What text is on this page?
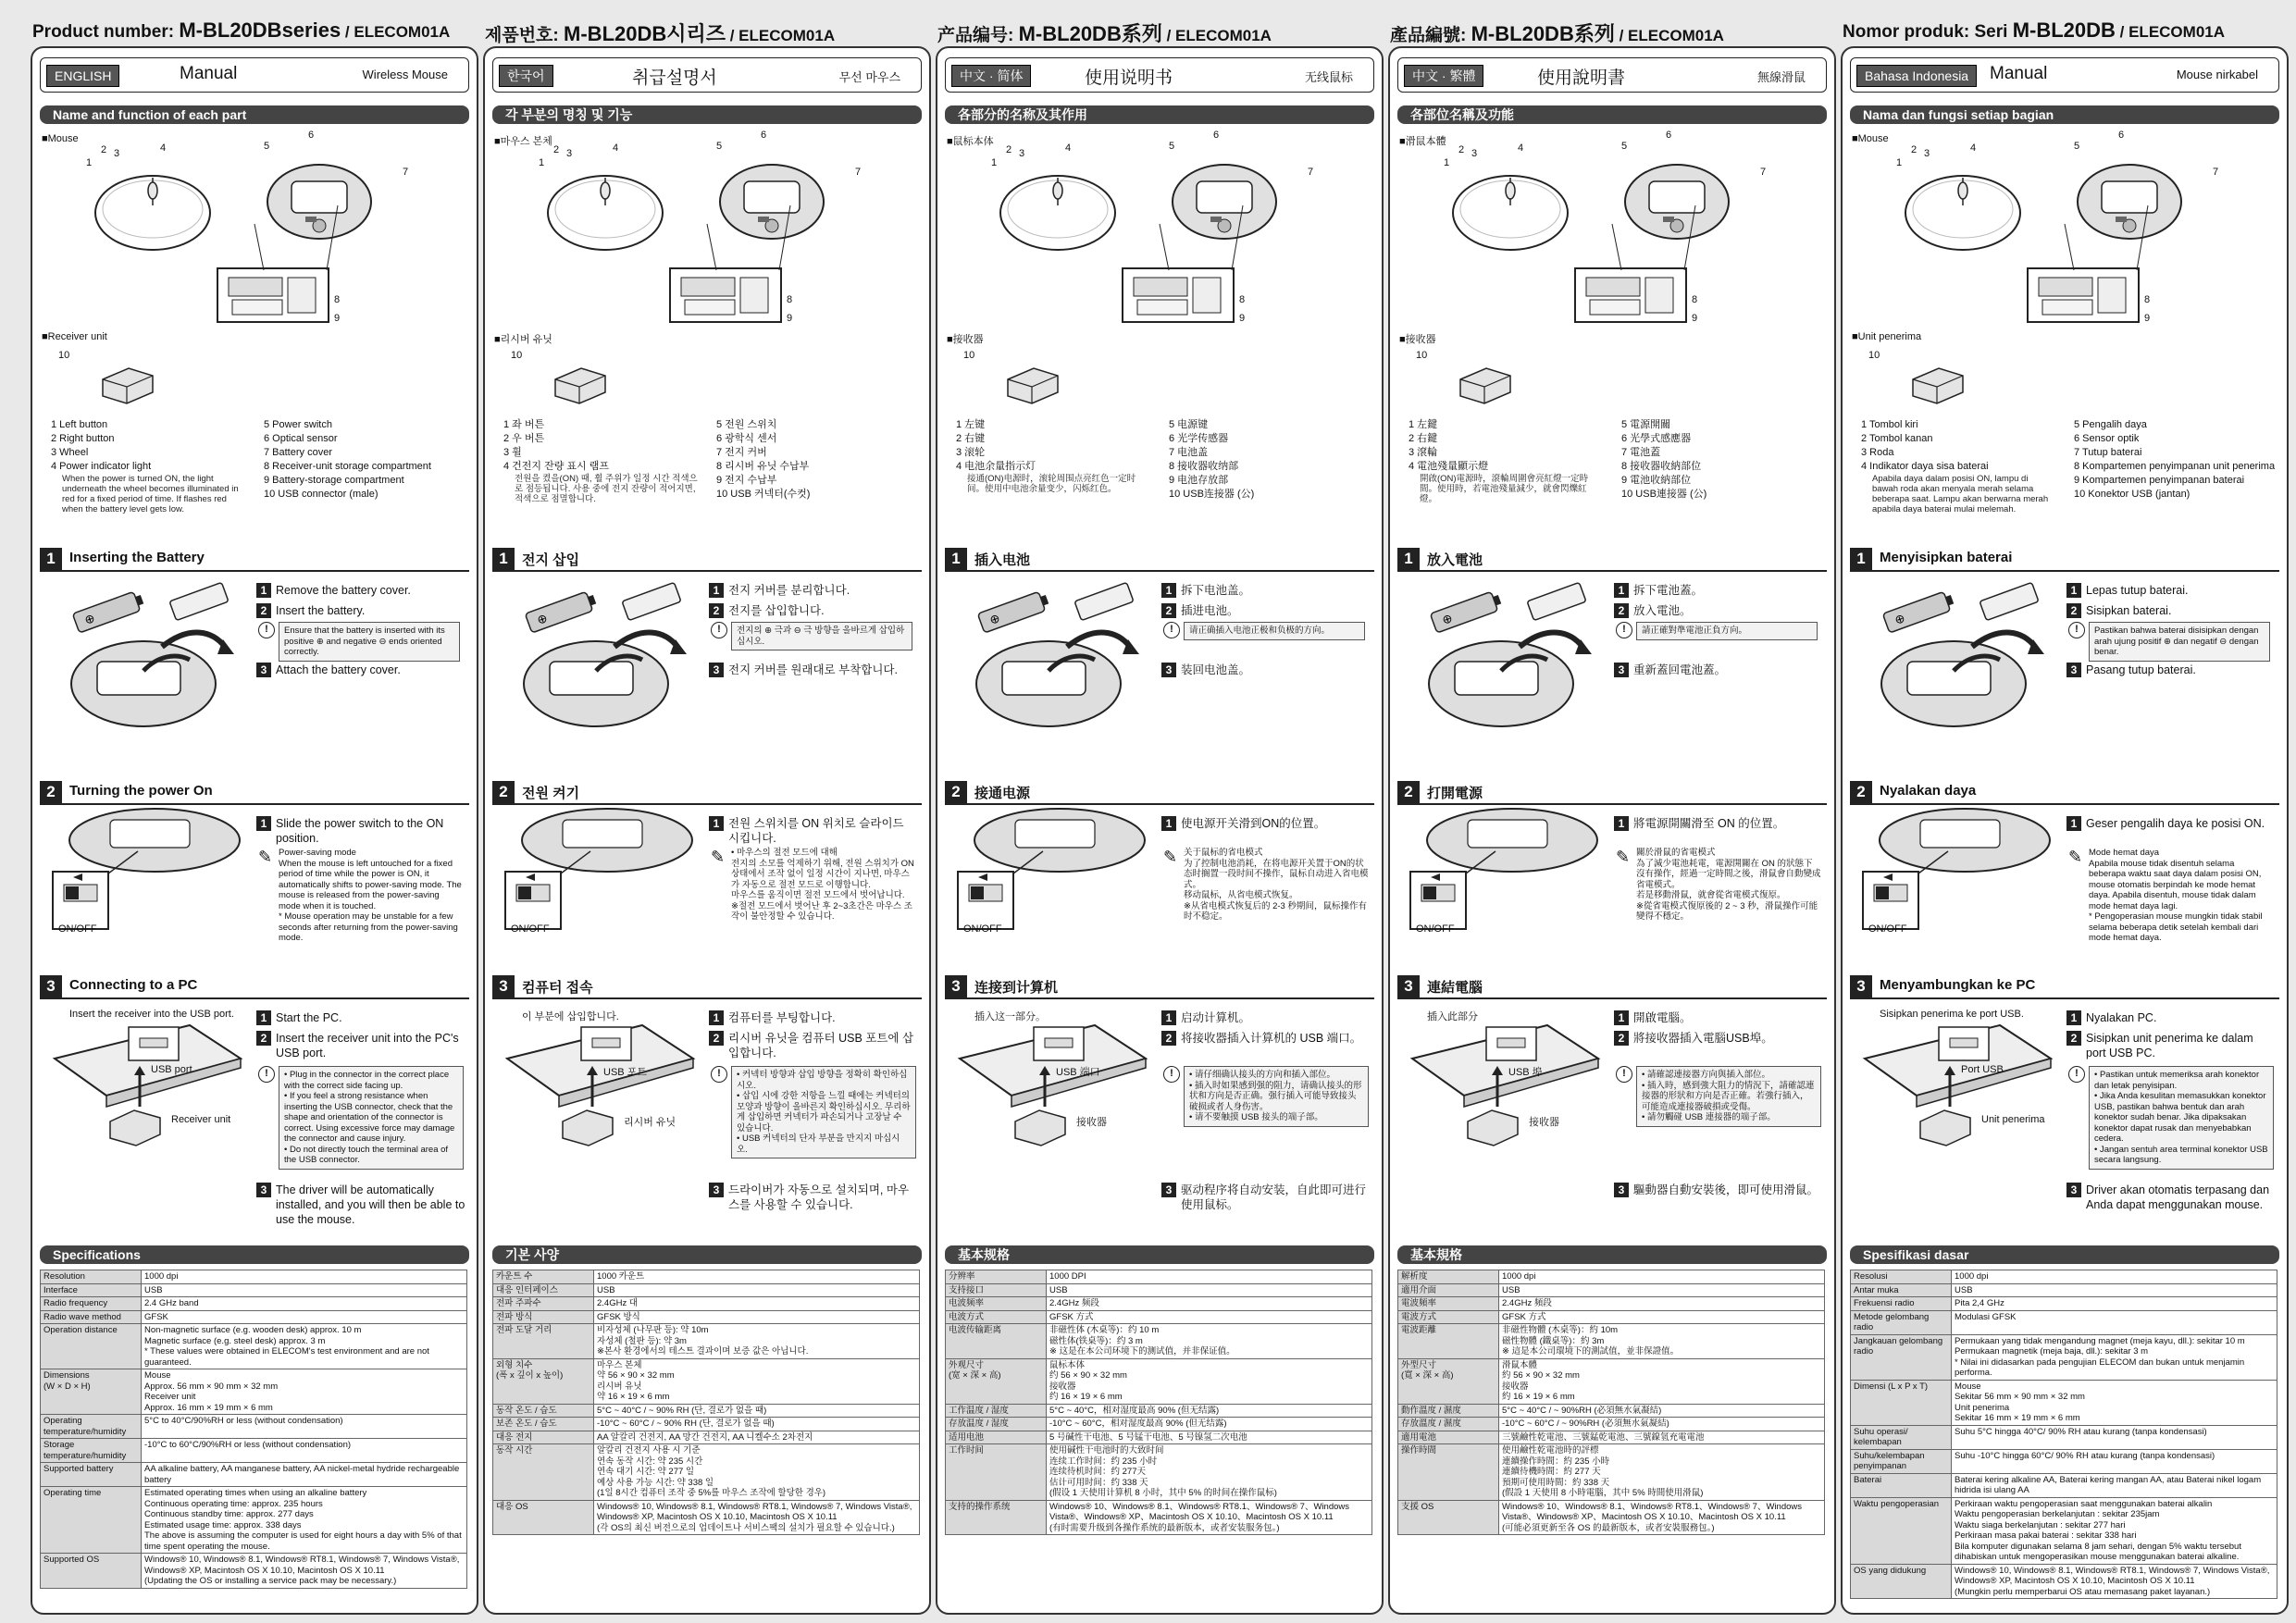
Product number: M-BL20DBseries / ELECOM01A
ENGLISH	Manual	Wireless Mouse
Name and function of each part
■Mouse
1
2 3	4	5
6
7
8
9
10
■Receiver unit
1 Left button
2 Right button
3 Wheel
4 Power indicator light
When the power is turned ON, the light underneath the wheel becomes illuminated in red for a fixed period of time. If flashes red when the battery level gets low.
5 Power switch
6 Optical sensor
7 Battery cover
8 Receiver-unit storage compartment
9 Battery-storage compartment
10 USB connector (male)
1	Inserting the Battery
⊕
1 Remove the battery cover.
2 Insert the battery.
!	Ensure that the battery is inserted with its positive ⊕ and negative ⊖ ends oriented correctly.
3 Attach the battery cover.
2	Turning the power On
ON/OFF
1 Slide the power switch to the ON position.
✎ Power-saving mode
When the mouse is left untouched for a fixed period of time while the power is ON, it automatically shifts to power-saving mode. The mouse is released from the power-saving mode when it is touched.
* Mouse operation may be unstable for a few seconds after returning from the power-saving mode.
3	Connecting to a PC
Insert the receiver into the USB port.
USB port
Receiver unit
1 Start the PC.
2 Insert the receiver unit into the PC's USB port.
!	• Plug in the connector in the correct place with the correct side facing up.
• If you feel a strong resistance when inserting the USB connector, check that the shape and orientation of the connector is correct. Using excessive force may damage the connector and cause injury.
• Do not directly touch the terminal area of the USB connector.
3 The driver will be automatically installed, and you will then be able to use the mouse.
Specifications
Resolution	1000 dpi
Interface	USB
Radio frequency	2.4 GHz band
Radio wave method	GFSK
Operation distance	Non-magnetic surface (e.g. wooden desk) approx. 10 m
Magnetic surface (e.g. steel desk) approx. 3 m
* These values were obtained in ELECOM's test environment and are not guaranteed.
Dimensions
(W × D × H)	Mouse
Approx. 56 mm × 90 mm × 32 mm
Receiver unit
Approx. 16 mm × 19 mm × 6 mm
Operating temperature/humidity	5°C to 40°C/90%RH or less (without condensation)
Storage temperature/humidity	-10°C to 60°C/90%RH or less (without condensation)
Supported battery	AA alkaline battery, AA manganese battery, AA nickel-metal hydride rechargeable battery
Operating time	Estimated operating times when using an alkaline battery
Continuous operating time: approx. 235 hours
Continuous standby time: approx. 277 days
Estimated usage time: approx. 338 days
The above is assuming the computer is used for eight hours a day with 5% of that time spent operating the mouse.
Supported OS	Windows® 10, Windows® 8.1, Windows® RT8.1, Windows® 7, Windows Vista®, Windows® XP, Macintosh OS X 10.10, Macintosh OS X 10.11
(Updating the OS or installing a service pack may be necessary.)
제품번호: M-BL20DB시리즈 / ELECOM01A
한국어	취급설명서	무선 마우스
각 부분의 명칭 및 기능
■마우스 본체
1
2 3	4	5
6
7
8
9
10
■리시버 유닛
1 좌 버튼
2 우 버튼
3 휠
4 건전지 잔량 표시 램프
전원을 켰을(ON) 때, 휠 주위가 일정 시간 적색으로 점등됩니다. 사용 중에 전지 잔량이 적어지면, 적색으로 점멸합니다.
5 전원 스위치
6 광학식 센서
7 전지 커버
8 리시버 유닛 수납부
9 전지 수납부
10 USB 커넥터(수컷)
1	전지 삽입
⊕
1 전지 커버를 분리합니다.
2 전지를 삽입합니다.
!	전지의 ⊕ 극과 ⊖ 극 방향을 올바르게 삽입하십시오.
3 전지 커버를 원래대로 부착합니다.
2	전원 켜기
ON/OFF
1 전원 스위치를 ON 위치로 슬라이드시킵니다.
✎ • 마우스의 절전 모드에 대해
전지의 소모를 억제하기 위해, 전원 스위치가 ON 상태에서 조작 없이 일정 시간이 지나면, 마우스가 자동으로 절전 모드로 이행합니다.
마우스를 움직이면 절전 모드에서 벗어납니다.
※절전 모드에서 벗어난 후 2~3초간은 마우스 조작이 불안정할 수 있습니다.
3	컴퓨터 접속
이 부분에 삽입합니다.
USB 포트
리시버 유닛
1 컴퓨터를 부팅합니다.
2 리시버 유닛을 컴퓨터 USB 포트에 삽입합니다.
!	• 커넥터 방향과 삽입 방향을 정확히 확인하십시오.
• 삽입 시에 강한 저항을 느낄 때에는 커넥터의 모양과 방향이 올바른지 확인하십시오. 무리하게 삽입하면 커넥터가 파손되거나 고장날 수 있습니다.
• USB 커넥터의 단자 부분을 만지지 마십시오.
3 드라이버가 자동으로 설치되며, 마우스를 사용할 수 있습니다.
기본 사양
카운트 수	1000 카운트
대응 인터페이스	USB
전파 주파수	2.4GHz 대
전파 방식	GFSK 방식
전파 도달 거리	비자성체 (나무판 등): 약 10m
자성체 (철판 등): 약 3m
※본사 환경에서의 테스트 결과이며 보증 값은 아닙니다.
외형 치수
(폭 x 깊이 x 높이)	마우스 본체
약 56 × 90 × 32 mm
리시버 유닛
약 16 × 19 × 6 mm
동작 온도 / 습도	5°C ~ 40°C / ~ 90% RH (단, 결로가 없을 때)
보존 온도 / 습도	-10°C ~ 60°C / ~ 90% RH (단, 결로가 없을 때)
대응 전지	AA 알칼리 건전지, AA 망간 건전지, AA 니켈수소 2차전지
동작 시간	알칼리 건전지 사용 시 기준
연속 동작 시간: 약 235 시간
연속 대기 시간: 약 277 일
예상 사용 가능 시간: 약 338 일
(1일 8시간 컴퓨터 조작 중 5%를 마우스 조작에 할당한 경우)
대응 OS	Windows® 10, Windows® 8.1, Windows® RT8.1, Windows® 7, Windows Vista®, Windows® XP, Macintosh OS X 10.10, Macintosh OS X 10.11
(각 OS의 최신 버전으로의 업데이트나 서비스팩의 설치가 필요할 수 있습니다.)
产品编号: M-BL20DB系列 / ELECOM01A
中文 · 简体	使用说明书	无线鼠标
各部分的名称及其作用
■鼠标本体
1
2 3	4	5
6
7
8
9
10
■接收器
1 左键
2 右键
3 滚轮
4 电池余量指示灯
接通(ON)电源时，滚轮周围点亮红色一定时间。使用中电池余量变少，闪烁红色。
5 电源键
6 光学传感器
7 电池盖
8 接收器收纳部
9 电池存放部
10 USB连接器 (公)
1	插入电池
⊕
1 拆下电池盖。
2 插进电池。
!	请正确插入电池正极和负极的方向。
3 装回电池盖。
2	接通电源
ON/OFF
1 使电源开关滑到ON的位置。
✎ 关于鼠标的省电模式
为了控制电池消耗，在将电源开关置于ON的状态时搁置一段时间不操作，鼠标自动进入省电模式。
移动鼠标，从省电模式恢复。
※从省电模式恢复后的 2-3 秒期间，鼠标操作有时不稳定。
3	连接到计算机
插入这一部分。
USB 端口
接收器
1 启动计算机。
2 将接收器插入计算机的 USB 端口。
!	• 请仔细确认接头的方向和插入部位。
• 插入时如果感到强的阻力，请确认接头的形状和方向是否正确。强行插入可能导致接头破损或者人身伤害。
• 请不要触摸 USB 接头的端子部。
3 驱动程序将自动安装，自此即可进行使用鼠标。
基本规格
分辨率	1000 DPI
支持接口	USB
电波频率	2.4GHz 频段
电波方式	GFSK 方式
电波传输距离	非磁性体 (木桌等)：约 10 m
磁性体(铁桌等)：约 3 m
※ 这是在本公司环境下的测试值，并非保证值。
外观尺寸
(宽 × 深 × 高)	鼠标本体
约 56 × 90 × 32 mm
接收器
约 16 × 19 × 6 mm
工作温度 / 湿度	5°C ~ 40°C，相对湿度最高 90% (但无结露)
存放温度 / 湿度	-10°C ~ 60°C，相对湿度最高 90% (但无结露)
适用电池	5 号碱性干电池、5 号锰干电池、5 号镍氢二次电池
工作时间	使用碱性干电池时的大致时间
连续工作时间：约 235 小时
连续待机时间：约 277天
估计可用时间：约 338 天
(假设 1 天使用计算机 8 小时，其中 5% 的时间在操作鼠标)
支持的操作系统	Windows® 10、Windows® 8.1、Windows® RT8.1、Windows® 7、Windows Vista®、Windows® XP、Macintosh OS X 10.10、Macintosh OS X 10.11
(有时需要升级到各操作系统的最新版本，或者安装服务包。)
產品編號: M-BL20DB系列 / ELECOM01A
中文 · 繁體	使用說明書	無線滑鼠
各部位名稱及功能
■滑鼠本體
1
2 3	4	5
6
7
8
9
10
■接收器
1 左鍵
2 右鍵
3 滾輪
4 電池殘量顯示燈
開啟(ON)電源時，滾輪周圍會亮紅燈一定時間。使用時，若電池殘量減少，就會閃爍紅燈。
5 電源開關
6 光學式感應器
7 電池蓋
8 接收器收納部位
9 電池收納部位
10 USB連接器 (公)
1	放入電池
⊕
1 拆下電池蓋。
2 放入電池。
!	請正確對準電池正負方向。
3 重新蓋回電池蓋。
2	打開電源
ON/OFF
1 將電源開關滑至 ON 的位置。
✎ 關於滑鼠的省電模式
為了減少電池耗電，電源開關在 ON 的狀態下沒有操作，經過一定時間之後，滑鼠會自動變成省電模式。
若是移動滑鼠，就會從省電模式復原。
※從省電模式復原後的 2 ~ 3 秒，滑鼠操作可能變得不穩定。
3	連結電腦
插入此部分
USB 埠
接收器
1 開啟電腦。
2 將接收器插入電腦USB埠。
!	• 請確認連接器方向與插入部位。
• 插入時，感到強大阻力的情況下，請確認連接器的形狀和方向是否正確。若強行插入，可能造成連接器破損或受傷。
• 請勿觸碰 USB 連接器的端子部。
3 驅動器自動安裝後，即可使用滑鼠。
基本規格
解析度	1000 dpi
適用介面	USB
電波頻率	2.4GHz 頻段
電波方式	GFSK 方式
電波距離	非磁性物體 (木桌等)：約 10m
磁性物體 (鐵桌等)：約 3m
※ 這是本公司環境下的測試值，並非保證值。
外型尺寸
(寬 × 深 × 高)	滑鼠本體
約 56 × 90 × 32 mm
接收器
約 16 × 19 × 6 mm
動作溫度 / 濕度	5°C ~ 40°C / ~ 90%RH (必須無水氣凝結)
存放溫度 / 濕度	-10°C ~ 60°C / ~ 90%RH (必須無水氣凝結)
適用電池	三號鹼性乾電池、三號錳乾電池、三號鎳氫充電電池
操作時間	使用鹼性乾電池時的評標
連續操作時間：約 235 小時
連續待機時間：約 277 天
預期可使用時間：約 338 天
(假設 1 天使用 8 小時電腦，其中 5% 時間使用滑鼠)
支援 OS	Windows® 10、Windows® 8.1、Windows® RT8.1、Windows® 7、Windows Vista®、Windows® XP、Macintosh OS X 10.10、Macintosh OS X 10.11
(可能必須更新至各 OS 的最新版本，或者安裝服務包。)
Nomor produk: Seri M-BL20DB / ELECOM01A
Bahasa Indonesia	Manual	Mouse nirkabel
Nama dan fungsi setiap bagian
■Mouse
1
2 3	4	5
6
7
8
9
10
■Unit penerima
1 Tombol kiri
2 Tombol kanan
3 Roda
4 Indikator daya sisa baterai
Apabila daya dalam posisi ON, lampu di bawah roda akan menyala merah selama beberapa saat. Lampu akan berwarna merah apabila daya baterai mulai melemah.
5 Pengalih daya
6 Sensor optik
7 Tutup baterai
8 Kompartemen penyimpanan unit penerima
9 Kompartemen penyimpanan baterai
10 Konektor USB (jantan)
1	Menyisipkan baterai
⊕
1 Lepas tutup baterai.
2 Sisipkan baterai.
!	Pastikan bahwa baterai disisipkan dengan arah ujung positif ⊕ dan negatif ⊖ dengan benar.
3 Pasang tutup baterai.
2	Nyalakan daya
ON/OFF
1 Geser pengalih daya ke posisi ON.
✎ Mode hemat daya
Apabila mouse tidak disentuh selama beberapa waktu saat daya dalam posisi ON, mouse otomatis berpindah ke mode hemat daya. Apabila disentuh, mouse tidak dalam mode hemat daya lagi.
* Pengoperasian mouse mungkin tidak stabil selama beberapa detik setelah kembali dari mode hemat daya.
3	Menyambungkan ke PC
Sisipkan penerima ke port USB.
Port USB
Unit penerima
1 Nyalakan PC.
2 Sisipkan unit penerima ke dalam port USB PC.
!	• Pastikan untuk memeriksa arah konektor dan letak penyisipan.
• Jika Anda kesulitan memasukkan konektor USB, pastikan bahwa bentuk dan arah konektor sudah benar. Jika dipaksakan konektor dapat rusak dan menyebabkan cedera.
• Jangan sentuh area terminal konektor USB secara langsung.
3 Driver akan otomatis terpasang dan Anda dapat menggunakan mouse.
Spesifikasi dasar
Resolusi	1000 dpi
Antar muka	USB
Frekuensi radio	Pita 2,4 GHz
Metode gelombang radio	Modulasi GFSK
Jangkauan gelombang radio	Permukaan yang tidak mengandung magnet (meja kayu, dll.): sekitar 10 m
Permukaan magnetik (meja baja, dll.): sekitar 3 m
* Nilai ini didasarkan pada pengujian ELECOM dan bukan untuk menjamin performa.
Dimensi (L x P x T)	Mouse
Sekitar 56 mm × 90 mm × 32 mm
Unit penerima
Sekitar 16 mm × 19 mm × 6 mm
Suhu operasi/ kelembapan	Suhu 5°C hingga 40°C/ 90% RH atau kurang (tanpa kondensasi)
Suhu/kelembapan penyimpanan	Suhu -10°C hingga 60°C/ 90% RH atau kurang (tanpa kondensasi)
Baterai	Baterai kering alkaline AA, Baterai kering mangan AA, atau Baterai nikel logam hidrida isi ulang AA
Waktu pengoperasian	Perkiraan waktu pengoperasian saat menggunakan baterai alkalin
Waktu pengoperasian berkelanjutan : sekitar 235jam
Waktu siaga berkelanjutan : sekitar 277 hari
Perkiraan masa pakai baterai : sekitar 338 hari
Bila komputer digunakan selama 8 jam sehari, dengan 5% waktu tersebut dihabiskan untuk mengoperasikan mouse menggunakan baterai alkaline.
OS yang didukung	Windows® 10, Windows® 8.1, Windows® RT8.1, Windows® 7, Windows Vista®, Windows® XP, Macintosh OS X 10.10, Macintosh OS X 10.11
(Mungkin perlu memperbarui OS atau memasang paket layanan.)
